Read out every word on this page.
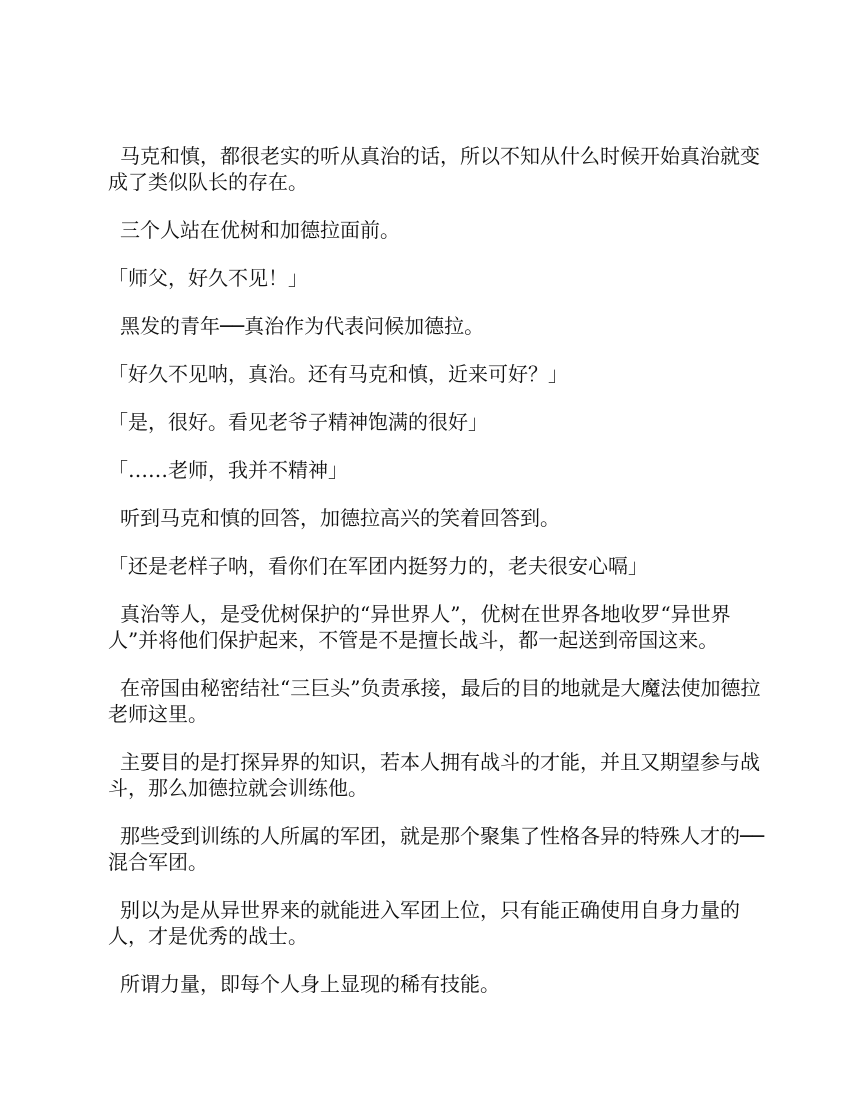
马克和慎，都很老实的听从真治的话，所以不知从什么时候开始真治就变成了类似队长的存在。

三个人站在优树和加德拉面前。

「师父，好久不见！」

黑发的青年──真治作为代表问候加德拉。

「好久不见呐，真治。还有马克和慎，近来可好？」

「是，很好。看见老爷子精神饱满的很好」

「……老师，我并不精神」

听到马克和慎的回答，加德拉高兴的笑着回答到。

「还是老样子呐，看你们在军团内挺努力的，老夫很安心嗝」

真治等人，是受优树保护的“异世界人”，优树在世界各地收罗“异世界人”并将他们保护起来，不管是不是擅长战斗，都一起送到帝国这来。

在帝国由秘密结社“三巨头”负责承接，最后的目的地就是大魔法使加德拉老师这里。

主要目的是打探异界的知识，若本人拥有战斗的才能，并且又期望参与战斗，那么加德拉就会训练他。

那些受到训练的人所属的军团，就是那个聚集了性格各异的特殊人才的──混合军团。

别以为是从异世界来的就能进入军团上位，只有能正确使用自身力量的人，才是优秀的战士。

所谓力量，即每个人身上显现的稀有技能。
